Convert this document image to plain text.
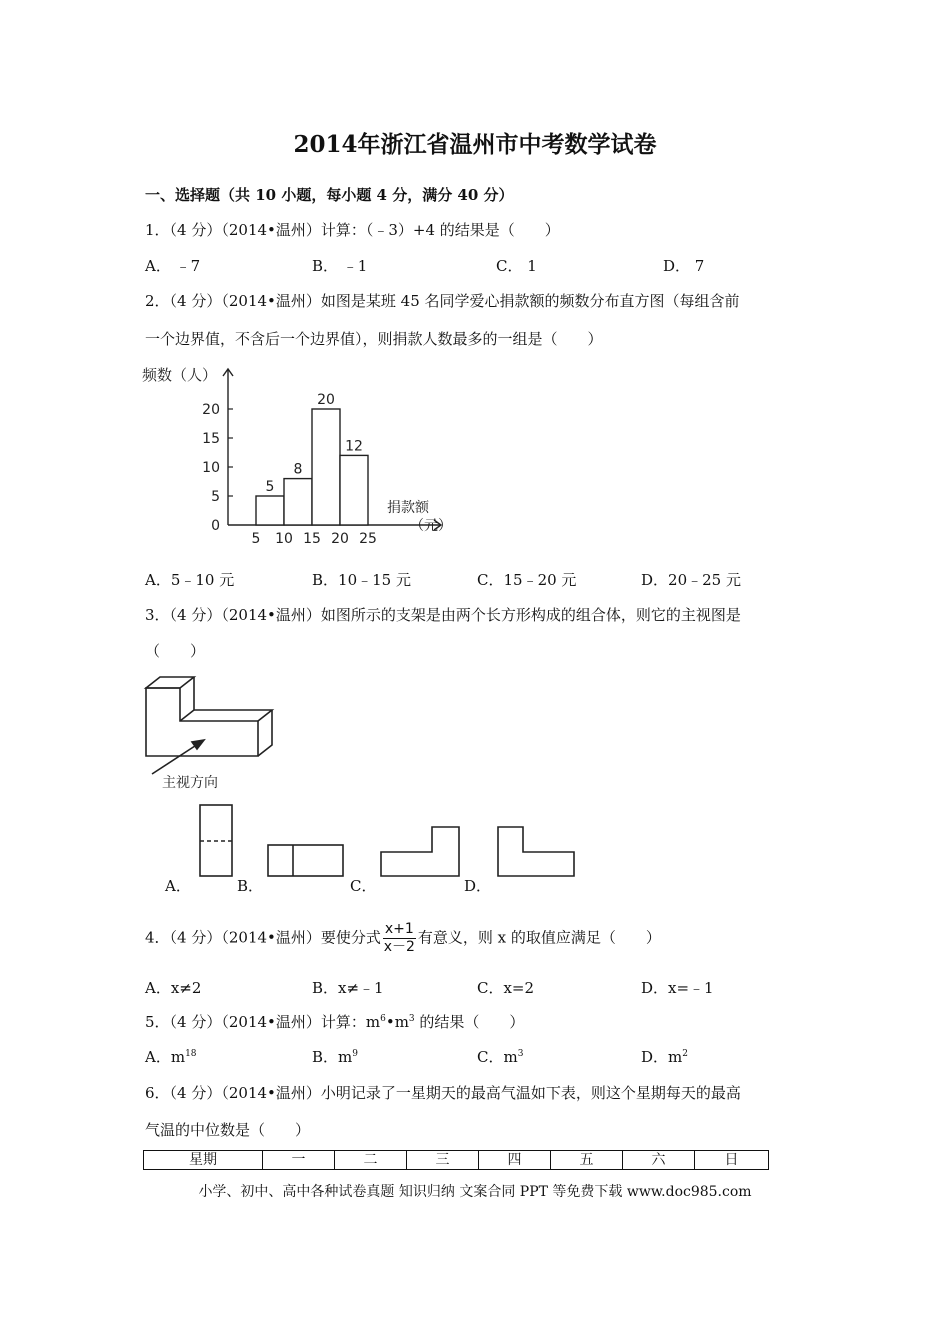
2014年浙江省温州市中考数学试卷
一、选择题（共 10 小题，每小题 4 分，满分 40 分）
1．（4 分）（2014•温州）计算：（﹣3）+4 的结果是（　　）
A． ﹣7	B． ﹣1	C． 1	D． 7
2．（4 分）（2014•温州）如图是某班 45 名同学爱心捐款额的频数分布直方图（每组含前
一个边界值，不含后一个边界值），则捐款人数最多的一组是（　　）
0
5
10
15
20
5
8
20
12
5 10 15 20 25
频数（人）
捐款额
（元）
A．5﹣10 元	B．10﹣15 元	C．15﹣20 元	D．20﹣25 元
3．（4 分）（2014•温州）如图所示的支架是由两个长方形构成的组合体，则它的主视图是
（　　）
主视方向
A．	B．	C．	D．
4．（4 分）（2014•温州）要使分式 $\frac{x+1}{x-2}$ 有意义，则 x 的取值应满足（　　）
A．x≠2	B．x≠﹣1	C．x=2	D．x=﹣1
5．（4 分）（2014•温州）计算：$m^6•m^3$ 的结果（　　）
A．$m^{18}$	B．$m^9$	C．$m^3$	D．$m^2$
6．（4 分）（2014•温州）小明记录了一星期天的最高气温如下表，则这个星期每天的最高
气温的中位数是（　　）
星期	一	二	三	四	五	六	日
小学、初中、高中各种试卷真题 知识归纳 文案合同 PPT 等免费下载 www.doc985.com
